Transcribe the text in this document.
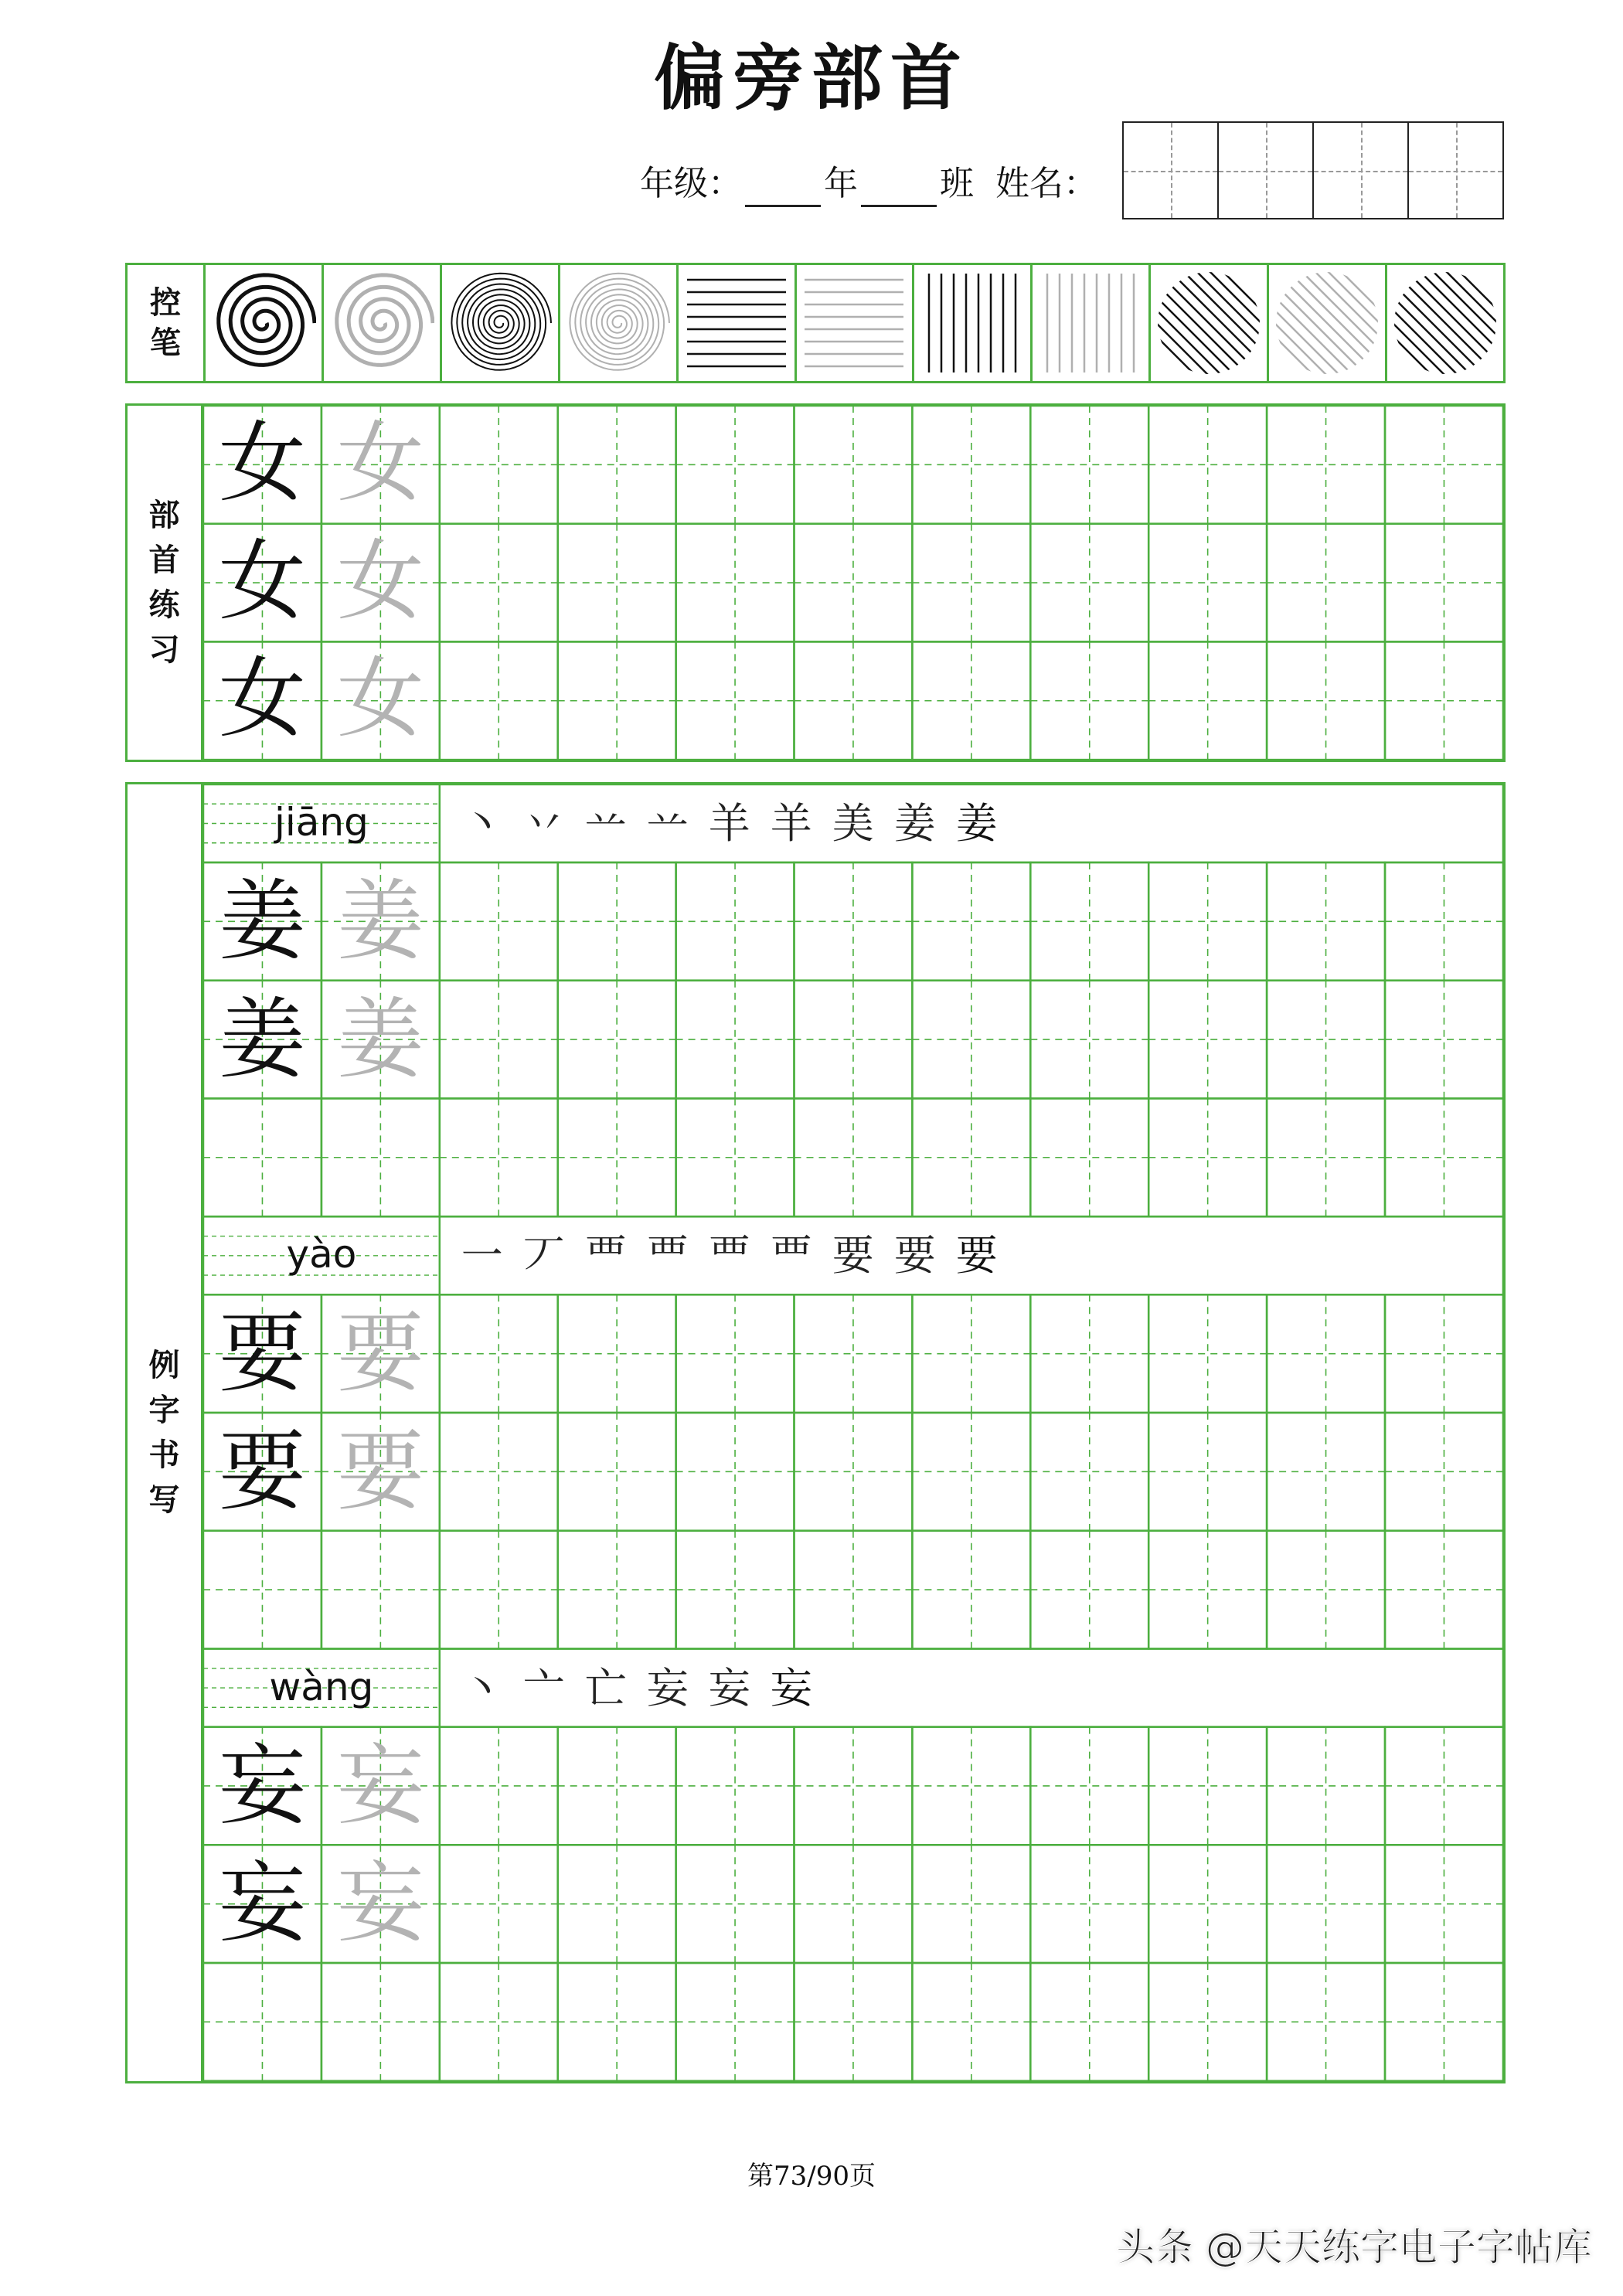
偏旁部首
年级： 年 班 姓名：
控
笔
部
首
练
习
女 女
女 女
女 女
例
字
书
写
jiāng	丶 丷 䒑 䒑 羊 羊 美 姜 姜
姜 姜
姜 姜
yào	一 丆 覀 覀 覀 覀 要 要 要
要 要
要 要
wàng	丶 亠 亡 妄 妄 妄
妄 妄
妄 妄
第73/90页
头条 @天天练字电子字帖库
